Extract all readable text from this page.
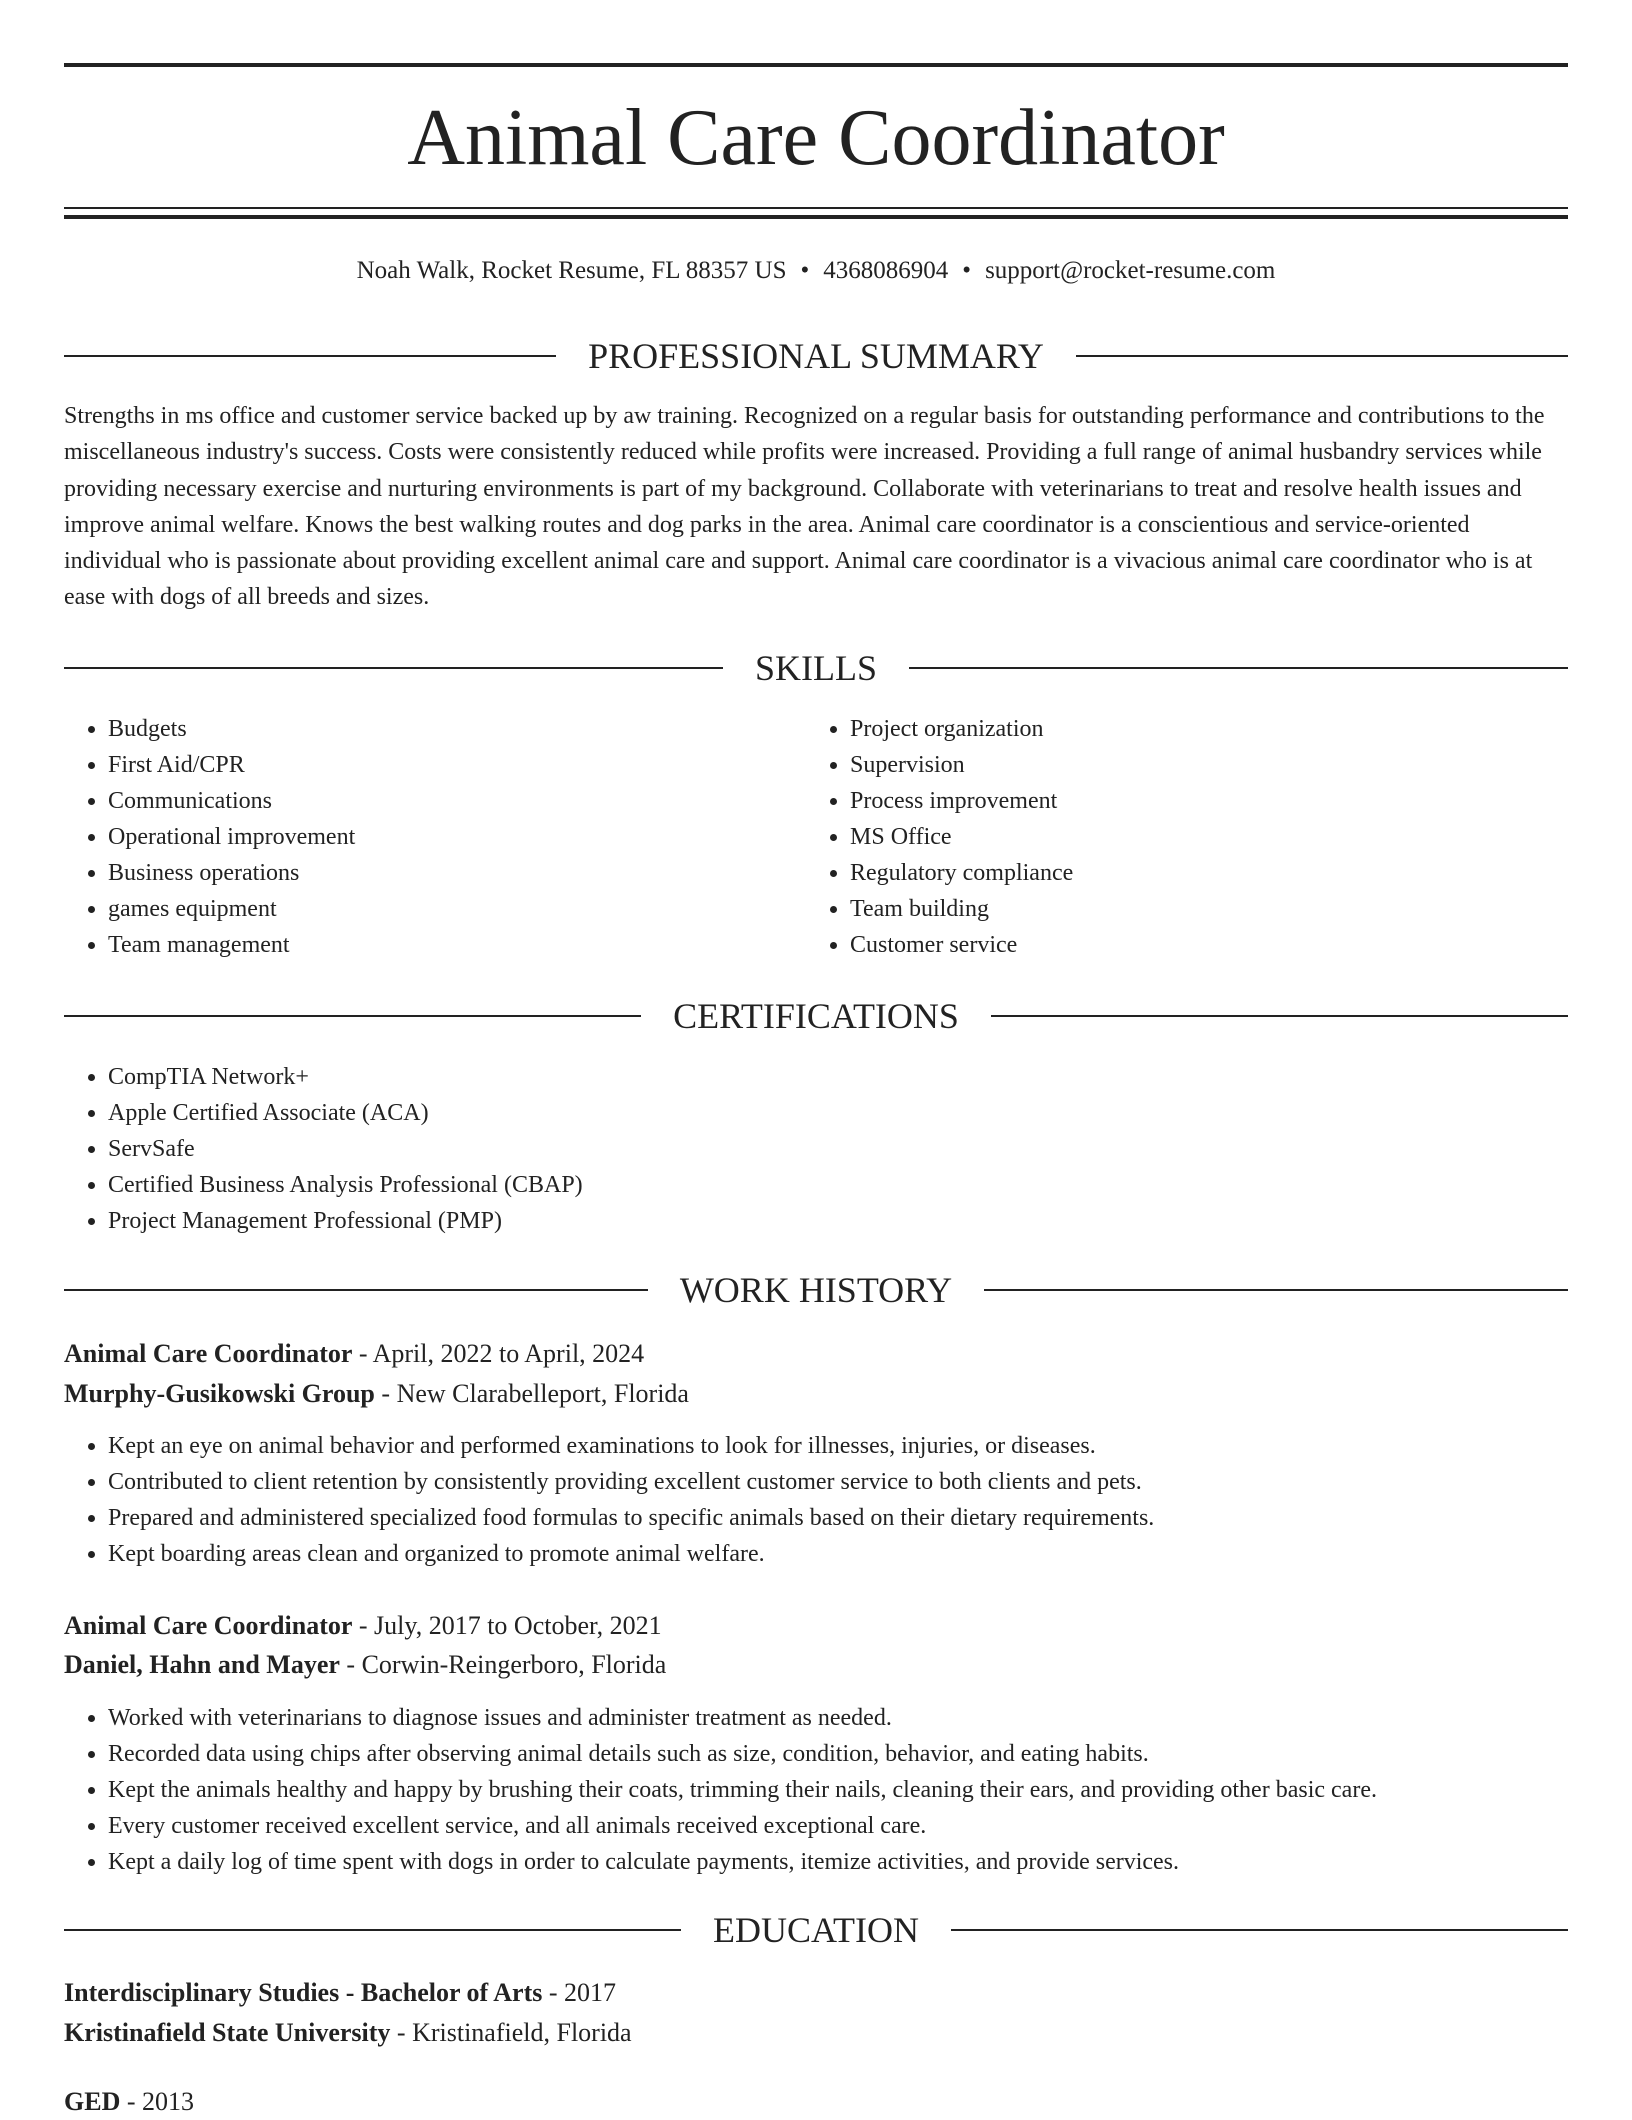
Animal Care Coordinator
Noah Walk, Rocket Resume, FL 88357 US • 4368086904 • support@rocket-resume.com
PROFESSIONAL SUMMARY

Strengths in ms office and customer service backed up by aw training. Recognized on a regular basis for outstanding performance and contributions to the miscellaneous industry's success. Costs were consistently reduced while profits were increased. Providing a full range of animal husbandry services while providing necessary exercise and nurturing environments is part of my background. Collaborate with veterinarians to treat and resolve health issues and improve animal welfare. Knows the best walking routes and dog parks in the area. Animal care coordinator is a conscientious and service-oriented individual who is passionate about providing excellent animal care and support. Animal care coordinator is a vivacious animal care coordinator who is at ease with dogs of all breeds and sizes.

SKILLS
• Budgets
• First Aid/CPR
• Communications
• Operational improvement
• Business operations
• games equipment
• Team management
• Project organization
• Supervision
• Process improvement
• MS Office
• Regulatory compliance
• Team building
• Customer service
CERTIFICATIONS
• CompTIA Network+
• Apple Certified Associate (ACA)
• ServSafe
• Certified Business Analysis Professional (CBAP)
• Project Management Professional (PMP)
WORK HISTORY
Animal Care Coordinator - April, 2022 to April, 2024
Murphy-Gusikowski Group - New Clarabelleport, Florida
• Kept an eye on animal behavior and performed examinations to look for illnesses, injuries, or diseases.
• Contributed to client retention by consistently providing excellent customer service to both clients and pets.
• Prepared and administered specialized food formulas to specific animals based on their dietary requirements.
• Kept boarding areas clean and organized to promote animal welfare.
Animal Care Coordinator - July, 2017 to October, 2021
Daniel, Hahn and Mayer - Corwin-Reingerboro, Florida
• Worked with veterinarians to diagnose issues and administer treatment as needed.
• Recorded data using chips after observing animal details such as size, condition, behavior, and eating habits.
• Kept the animals healthy and happy by brushing their coats, trimming their nails, cleaning their ears, and providing other basic care.
• Every customer received excellent service, and all animals received exceptional care.
• Kept a daily log of time spent with dogs in order to calculate payments, itemize activities, and provide services.
EDUCATION
Interdisciplinary Studies - Bachelor of Arts - 2017
Kristinafield State University - Kristinafield, Florida
GED - 2013
